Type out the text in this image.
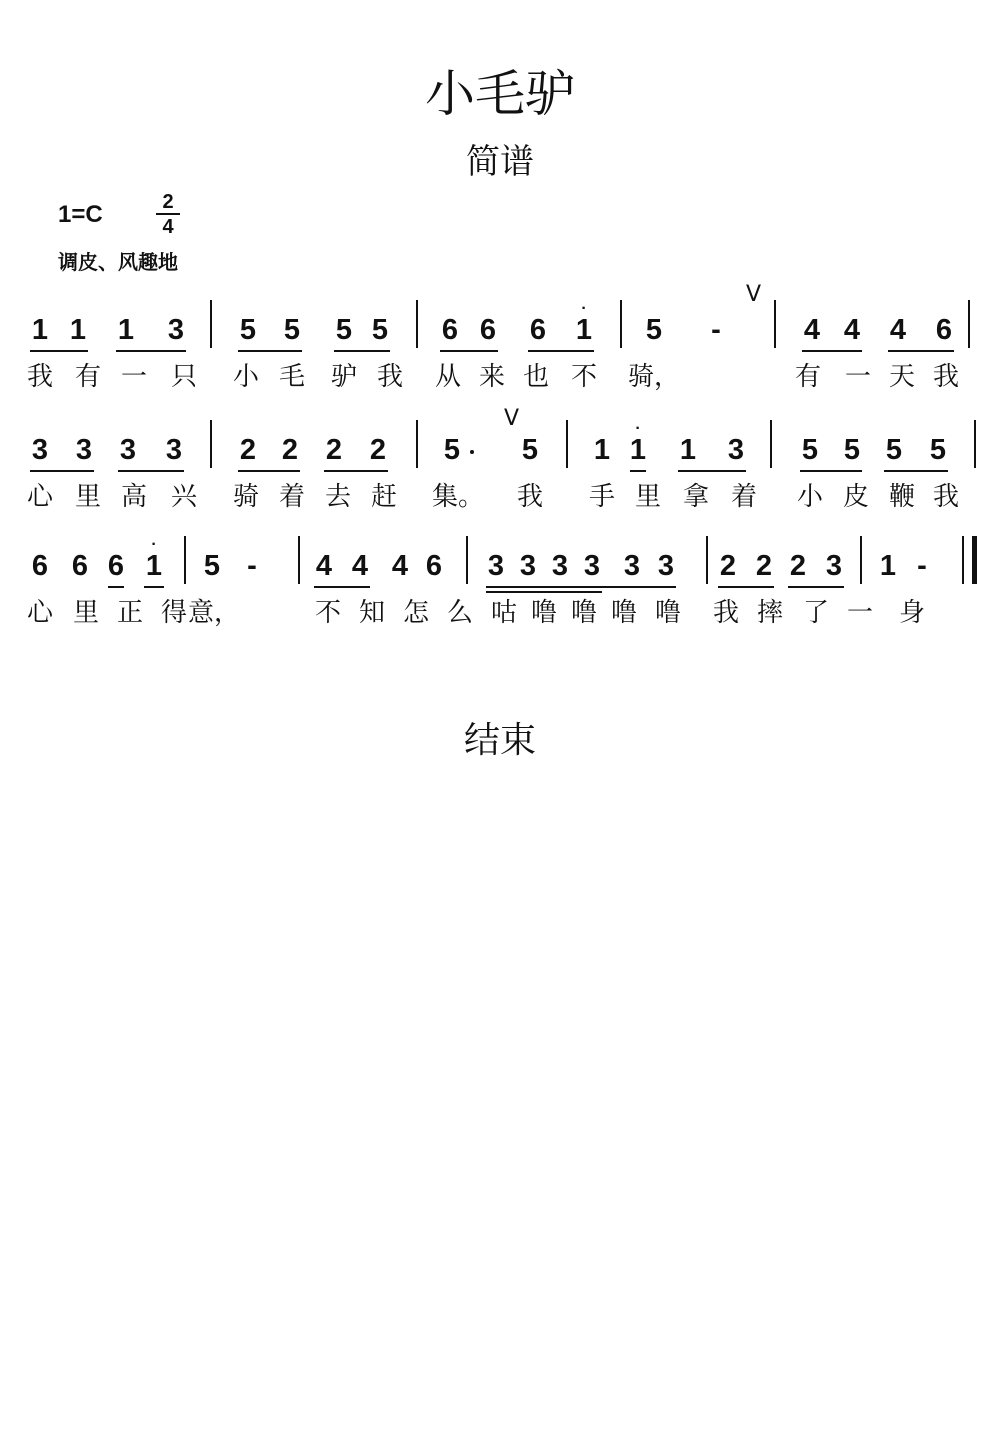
小毛驴
简谱
1=C	2
4
调皮、风趣地
1 1 1 3 5 5 5 5 6 6 6 1
·
5 -	4 4 4 6
V
我 有 一 只 小 毛 驴 我 从 来 也 不 骑，	有 一 天 我
3 3 3 3 2 2 2 2 5 5 1 1
·
1 3 5 5 5 5
V
心 里 高 兴 骑 着 去 赶 集。 我 手 里 拿 着 小 皮 鞭 我
6 6 6 1
·
5 - 4 4 4 6 3 3 3 3 3 3 2 2 2 3 1 -
心 里 正 得 意，	不 知 怎 么 咕 噜 噜 噜 噜 我 摔 了 一 身
结束
